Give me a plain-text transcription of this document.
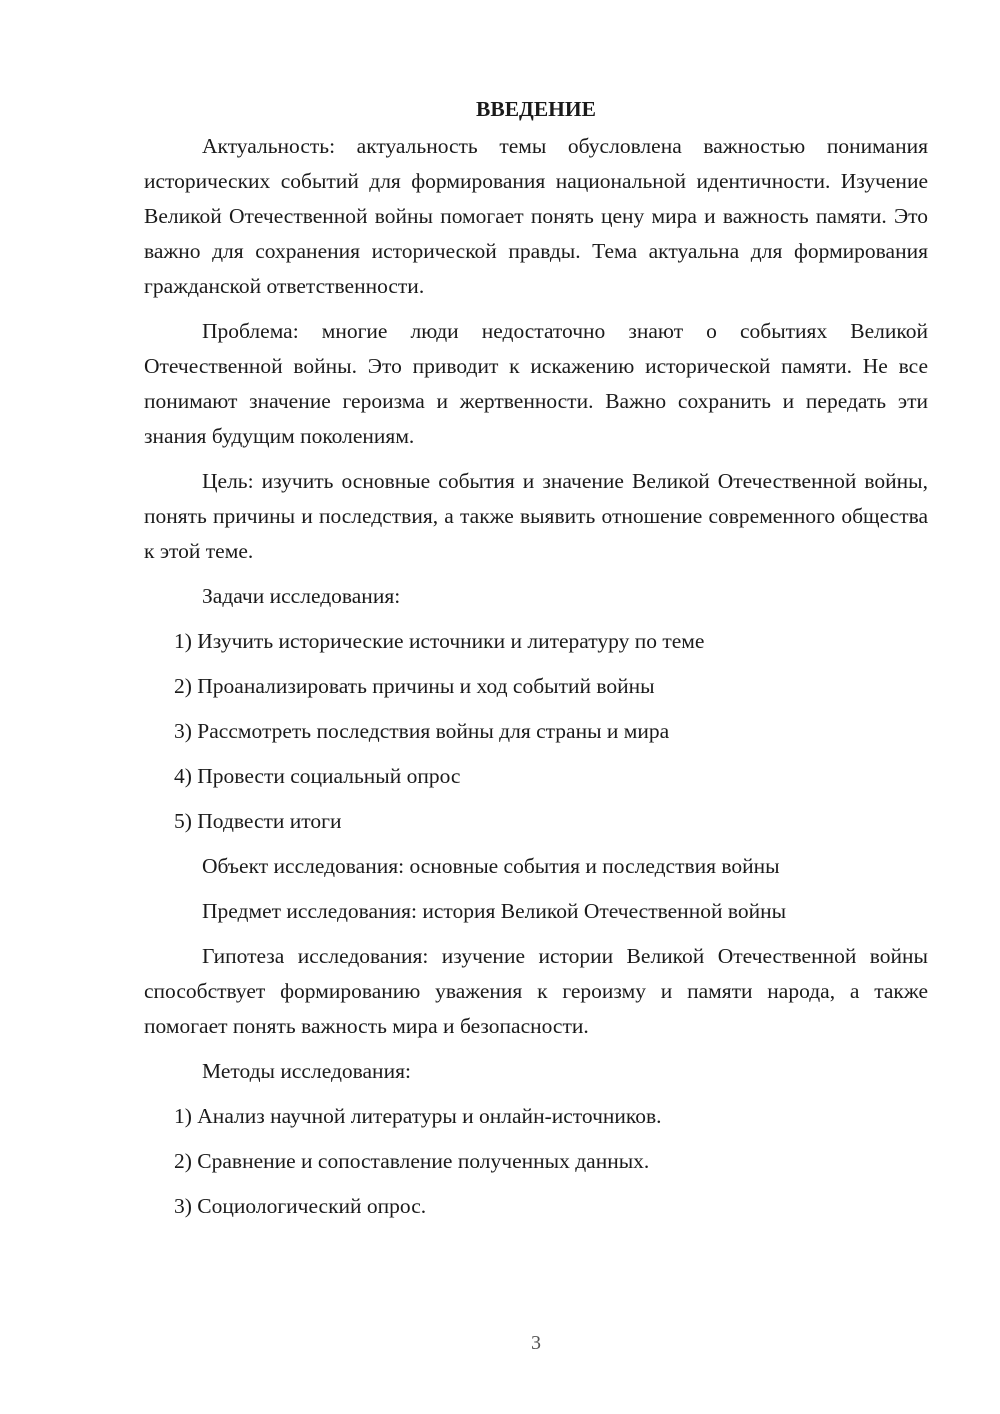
ВВЕДЕНИЕ

Актуальность: актуальность темы обусловлена важностью понимания исторических событий для формирования национальной идентичности. Изучение Великой Отечественной войны помогает понять цену мира и важность памяти. Это важно для сохранения исторической правды. Тема актуальна для формирования гражданской ответственности.

Проблема: многие люди недостаточно знают о событиях Великой Отечественной войны. Это приводит к искажению исторической памяти. Не все понимают значение героизма и жертвенности. Важно сохранить и передать эти знания будущим поколениям.

Цель: изучить основные события и значение Великой Отечественной войны, понять причины и последствия, а также выявить отношение современного общества к этой теме.

Задачи исследования:
1) Изучить исторические источники и литературу по теме
2) Проанализировать причины и ход событий войны
3) Рассмотреть последствия войны для страны и мира
4) Провести социальный опрос
5) Подвести итоги
Объект исследования: основные события и последствия войны
Предмет исследования: история Великой Отечественной войны

Гипотеза исследования: изучение истории Великой Отечественной войны способствует формированию уважения к героизму и памяти народа, а также помогает понять важность мира и безопасности.

Методы исследования:
1) Анализ научной литературы и онлайн-источников.
2) Сравнение и сопоставление полученных данных.
3) Социологический опрос.
3
